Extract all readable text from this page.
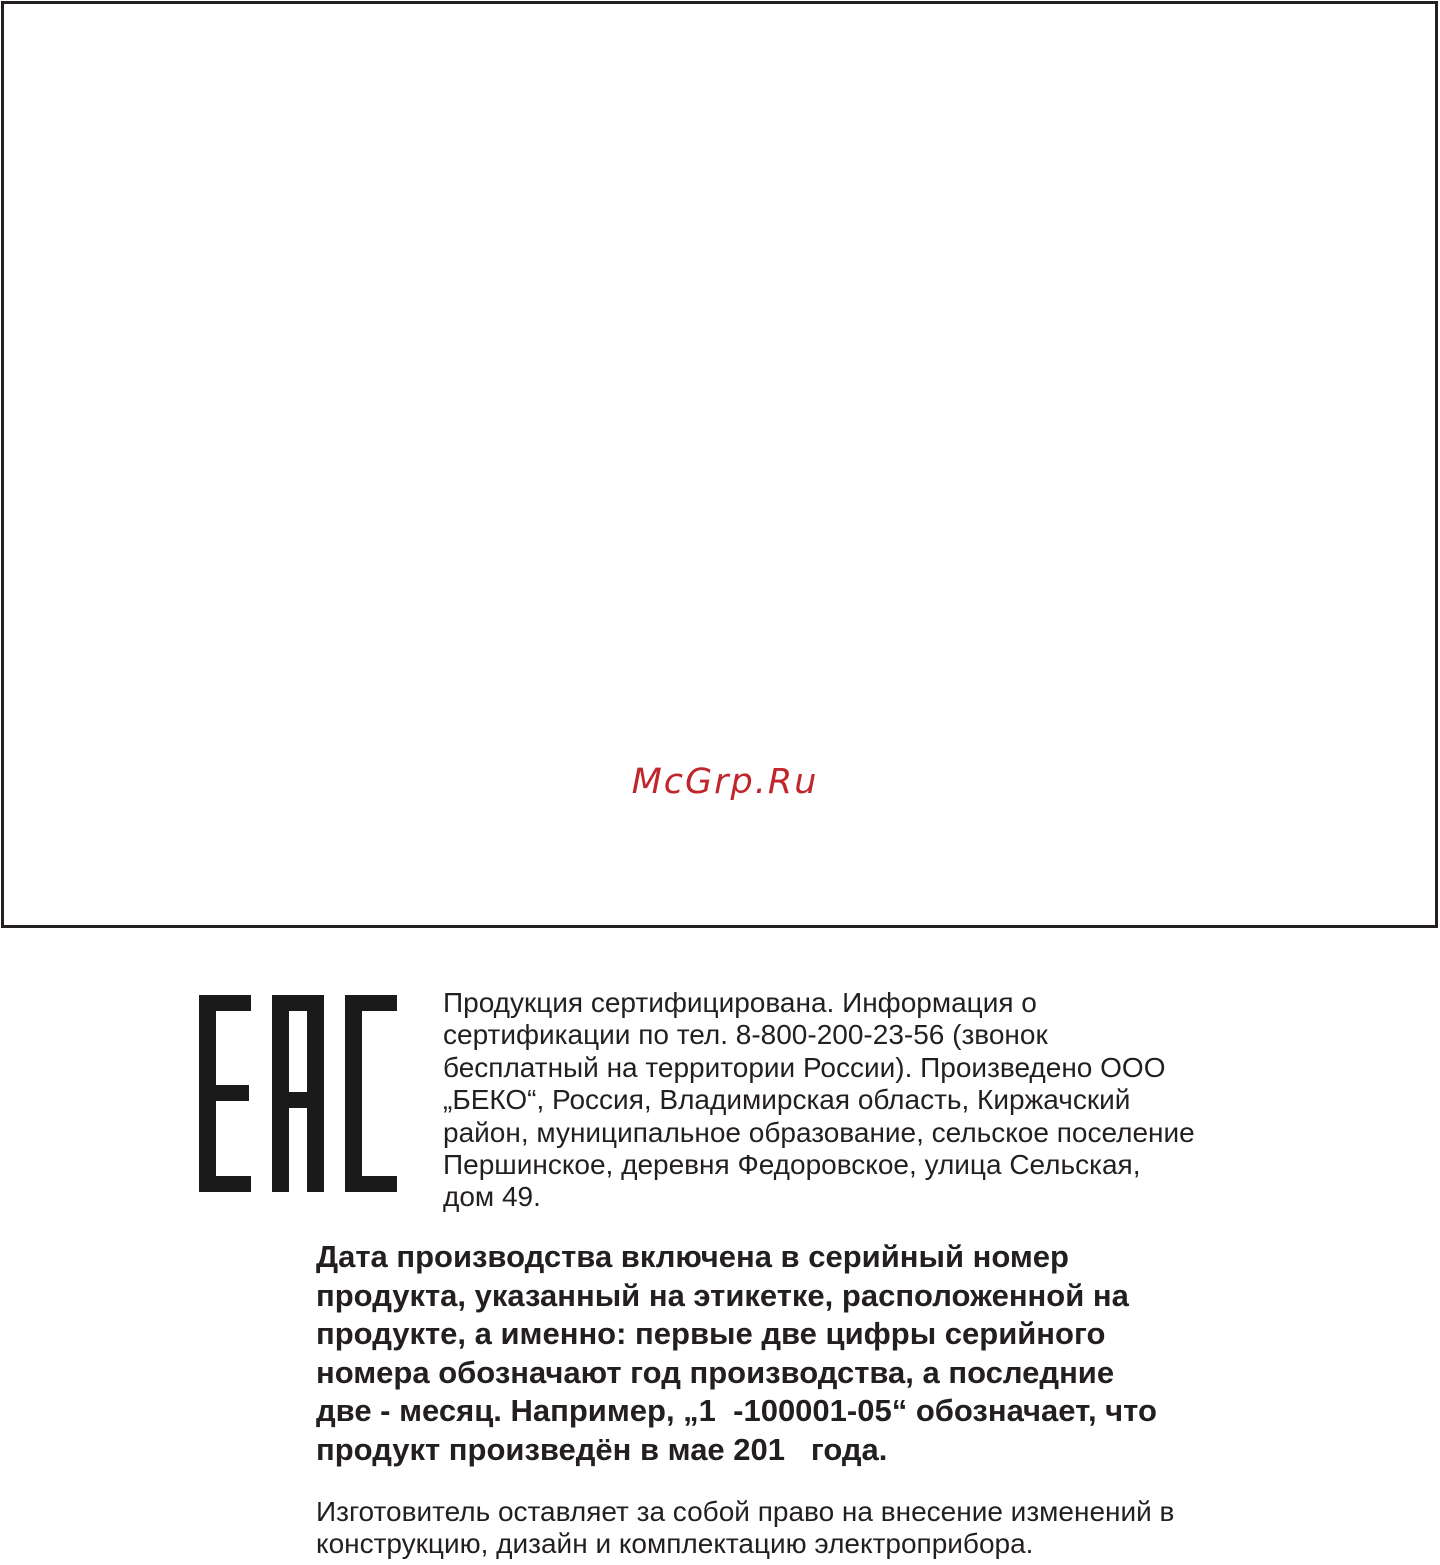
McGrp.Ru
Продукция сертифицирована. Информация о
сертификации по тел. 8-800-200-23-56 (звонок
бесплатный на территории России). Произведено ООО
„БЕКО“, Россия, Владимирская область, Киржачский
район, муниципальное образование, сельское поселение
Першинское, деревня Федоровское, улица Сельская,
дом 49.
Дата производства включена в серийный номер
продукта, указанный на этикетке, расположенной на
продукте, а именно: первые две цифры серийного
номера обозначают год производства, а последние
две - месяц. Например, „1  -100001-05“ обозначает, что
продукт произведён в мае 201   года.
Изготовитель оставляет за собой право на внесение изменений в
конструкцию, дизайн и комплектацию электроприбора.
